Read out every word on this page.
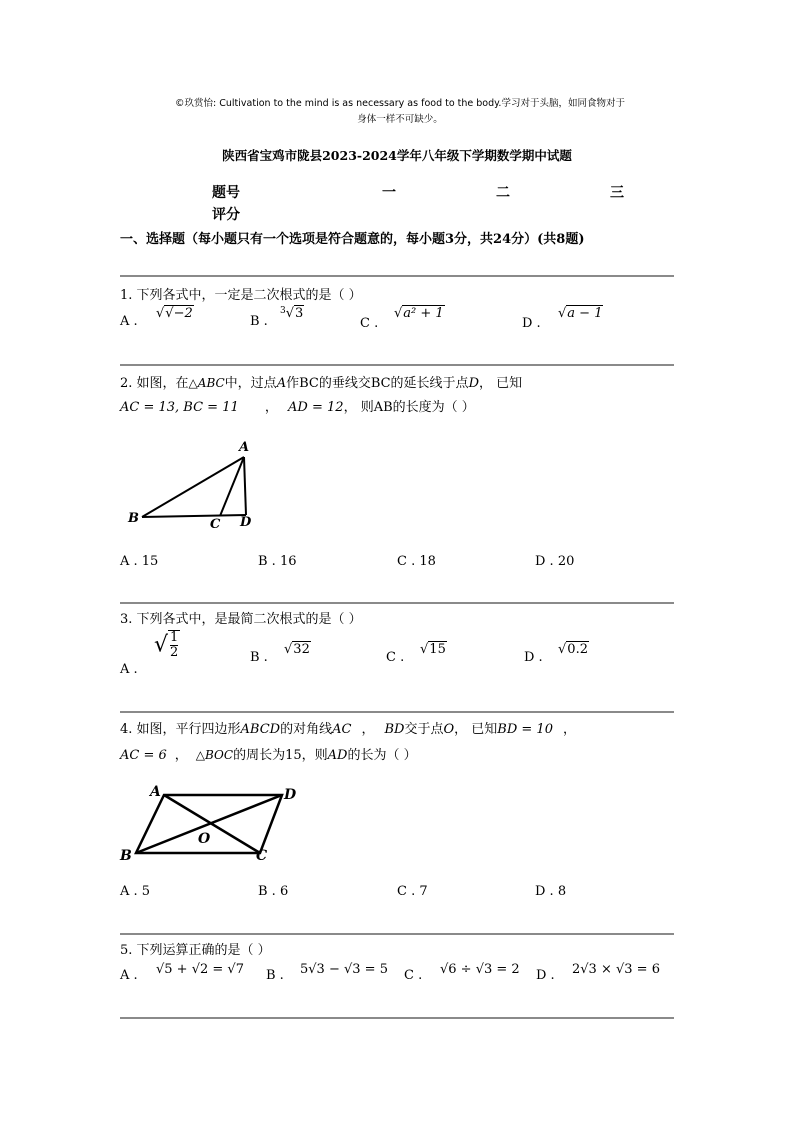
©玖赏怡: Cultivation to the mind is as necessary as food to the body.学习对于头脑，如同食物对于
身体一样不可缺少。
陕西省宝鸡市陇县2023-2024学年八年级下学期数学期中试题
题号	一	二	三
评分
一、选择题（每小题只有一个选项是符合题意的，每小题3分，共24分）(共8题)
1. 下列各式中，一定是二次根式的是（ ）
A .
√√−2
B .
$^3$√3
C .
√a² + 1
D .
√a − 1
2. 如图，在△ABC中，过点A作BC的垂线交BC的延长线于点D， 已知
AC = 13, BC = 11 ， AD = 12， 则AB的长度为（ ）
A
B	C D
A . 15	B . 16	C . 18	D . 20
3. 下列各式中，是最简二次根式的是（ ）
A .
$√\frac{1}{2}$	B .
√32
C .
√15
D .
√0.2
4. 如图，平行四边形ABCD的对角线AC ， BD交于点O， 已知BD = 10 ，
AC = 6 ， △BOC的周长为15，则AD的长为（ ）
A	D
B	C
O
A . 5	B . 6	C . 7	D . 8
5. 下列运算正确的是（ ）
A . √5 + √2 = √7 B . 5√3 − √3 = 5 C . √6 ÷ √3 = 2 D . 2√3 × √3 = 6
